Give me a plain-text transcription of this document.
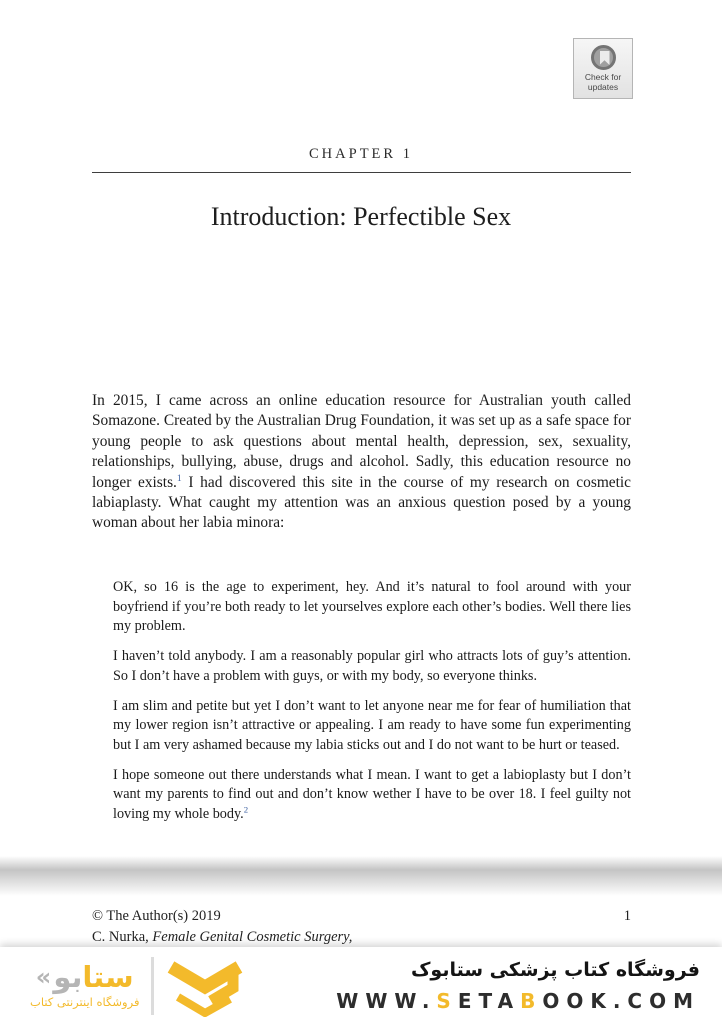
Check for
updates
CHAPTER 1
Introduction: Perfectible Sex
In 2015, I came across an online education resource for Australian youth called Somazone. Created by the Australian Drug Foundation, it was set up as a safe space for young people to ask questions about mental health, depression, sex, sexuality, relationships, bullying, abuse, drugs and alcohol. Sadly, this education resource no longer exists.$^1$ I had discovered this site in the course of my research on cosmetic labiaplasty. What caught my attention was an anxious question posed by a young woman about her labia minora:

OK, so 16 is the age to experiment, hey. And it’s natural to fool around with your boyfriend if you’re both ready to let yourselves explore each other’s bodies. Well there lies my problem.

I haven’t told anybody. I am a reasonably popular girl who attracts lots of guy’s attention. So I don’t have a problem with guys, or with my body, so everyone thinks.

I am slim and petite but yet I don’t want to let anyone near me for fear of humiliation that my lower region isn’t attractive or appealing. I am ready to have some fun experimenting but I am very ashamed because my labia sticks out and I do not want to be hurt or teased.

I hope someone out there understands what I mean. I want to get a labioplasty but I don’t want my parents to find out and don’t know wether I have to be over 18. I feel guilty not loving my whole body.$^2$

© The Author(s) 2019	1
C. Nurka, Female Genital Cosmetic Surgery,
« بو ستا
فروشگاه اینترنتی کتاب
فروشگاه کتاب پزشکی ستابوک
WWW.SETABOOK.COM
